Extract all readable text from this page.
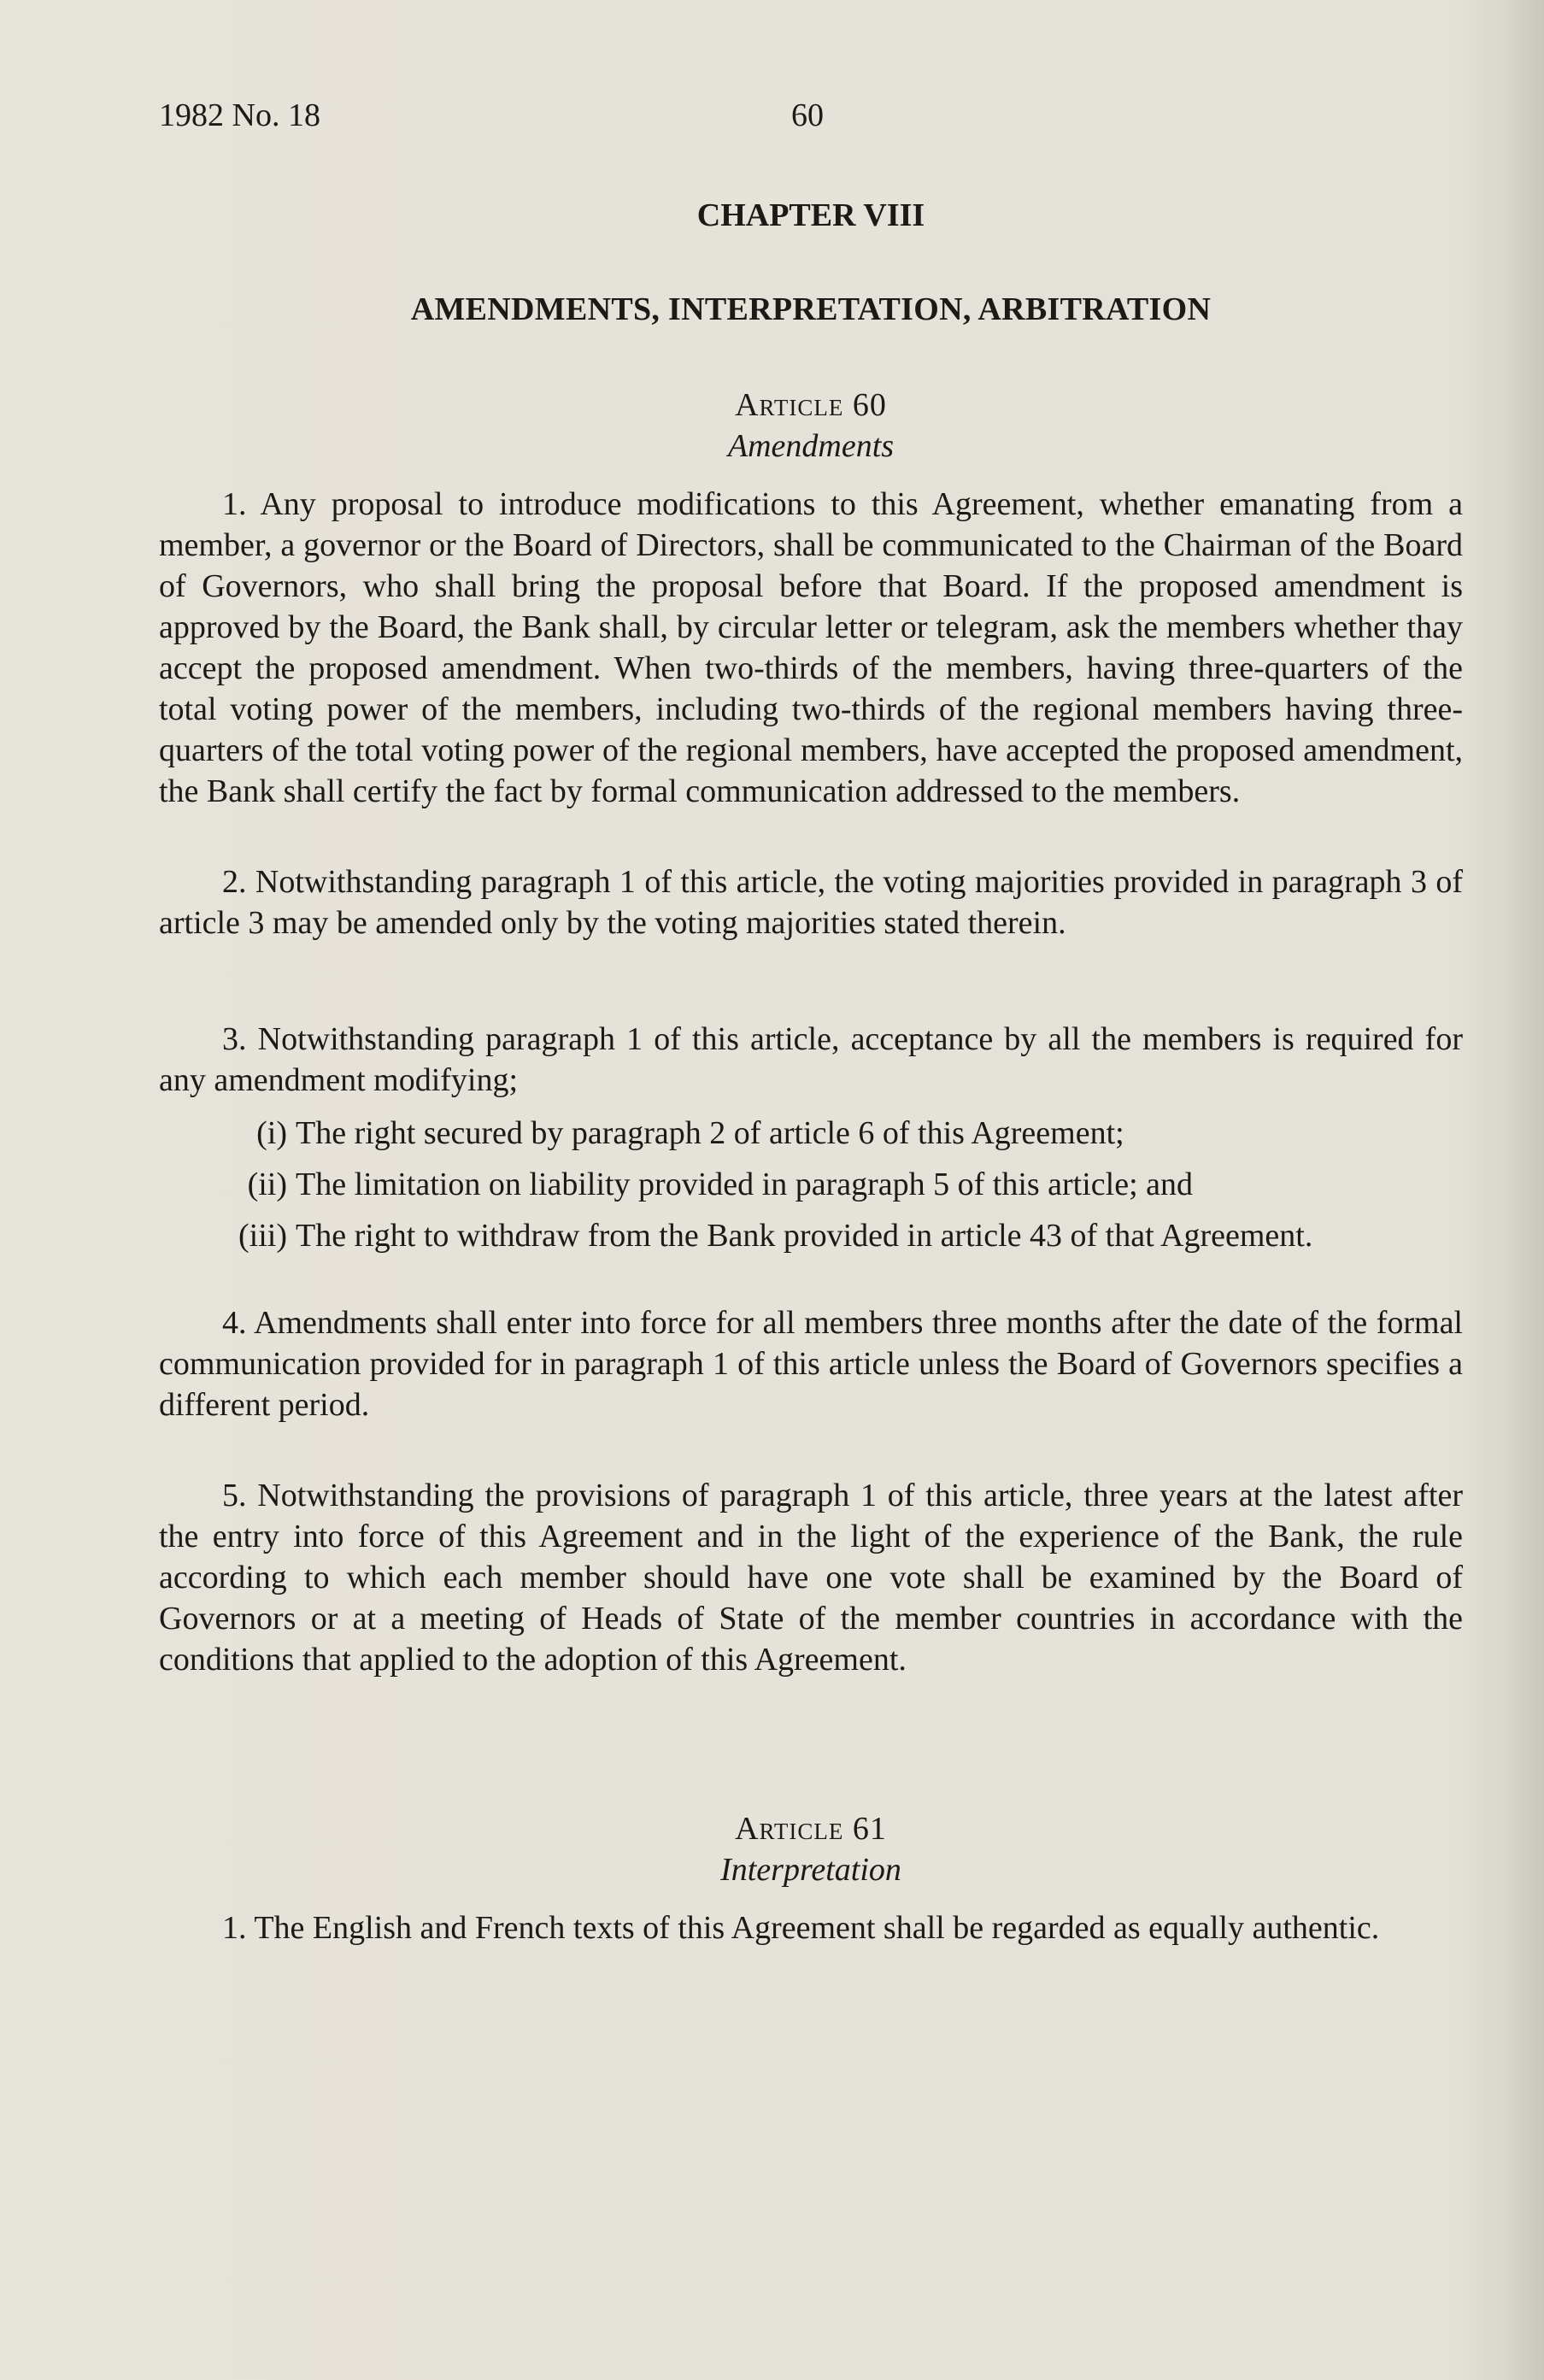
1982 No. 18	60
CHAPTER VIII
AMENDMENTS, INTERPRETATION, ARBITRATION
Article 60
Amendments

1. Any proposal to introduce modifications to this Agreement, whether emanating from a member, a governor or the Board of Directors, shall be communicated to the Chairman of the Board of Governors, who shall bring the proposal before that Board. If the proposed amendment is approved by the Board, the Bank shall, by circular letter or telegram, ask the members whether thay accept the proposed amendment. When two-thirds of the members, having three-quarters of the total voting power of the members, including two-thirds of the regional members having three-quarters of the total voting power of the regional members, have accepted the proposed amendment, the Bank shall certify the fact by formal communication addressed to the members.

2. Notwithstanding paragraph 1 of this article, the voting majorities provided in paragraph 3 of article 3 may be amended only by the voting majorities stated therein.

3. Notwithstanding paragraph 1 of this article, acceptance by all the members is required for any amendment modifying;

(i) The right secured by paragraph 2 of article 6 of this Agreement;
(ii) The limitation on liability provided in paragraph 5 of this article; and
(iii) The right to withdraw from the Bank provided in article 43 of that Agreement.

4. Amendments shall enter into force for all members three months after the date of the formal communication provided for in paragraph 1 of this article unless the Board of Governors specifies a different period.

5. Notwithstanding the provisions of paragraph 1 of this article, three years at the latest after the entry into force of this Agreement and in the light of the experience of the Bank, the rule according to which each member should have one vote shall be examined by the Board of Governors or at a meeting of Heads of State of the member countries in accordance with the conditions that applied to the adoption of this Agreement.

Article 61
Interpretation

1. The English and French texts of this Agreement shall be regarded as equally authentic.
